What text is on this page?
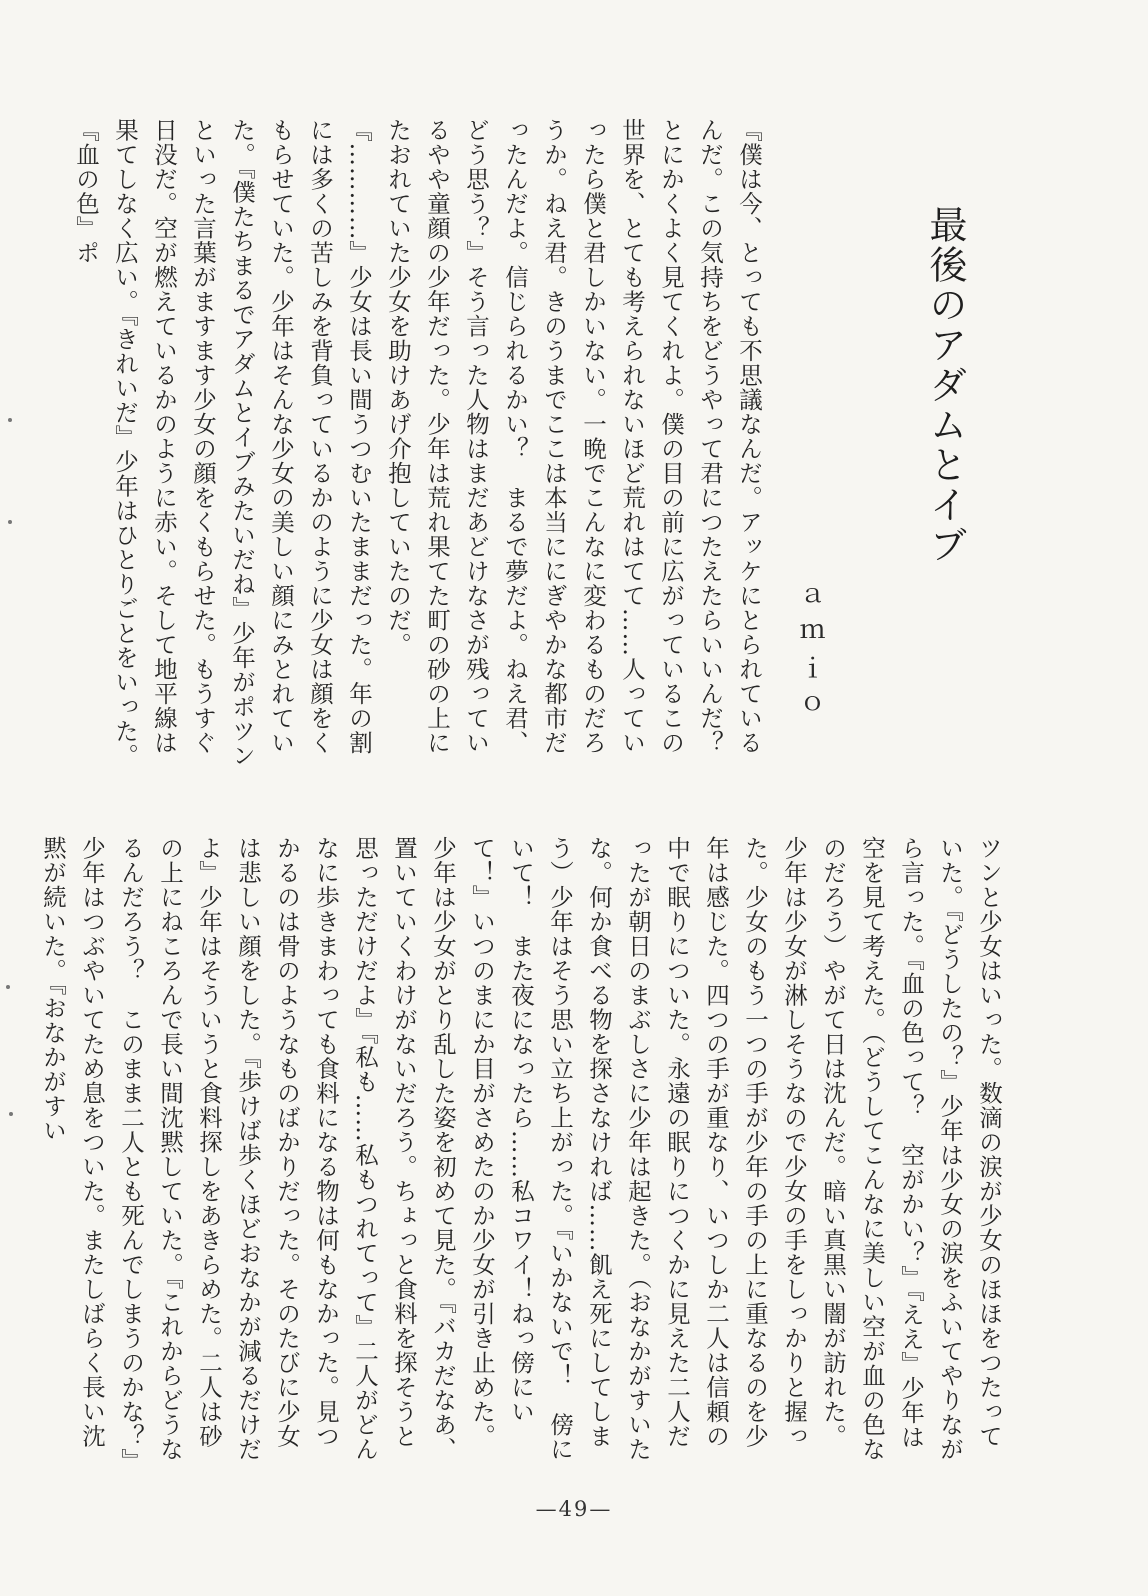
最後のアダムとイブ
ａｍｉｏ

『僕は今、とっても不思議なんだ。アッケにとられているんだ。この気持ちをどうやって君につたえたらいいんだ？　とにかくよく見てくれよ。僕の目の前に広がっているこの世界を、とても考えられないほど荒れはてて……人っていったら僕と君しかいない。一晩でこんなに変わるものだろうか。ねえ君。きのうまでここは本当ににぎやかな都市だったんだよ。信じられるかい？　まるで夢だよ。ねえ君、どう思う？』そう言った人物はまだあどけなさが残っているやや童顔の少年だった。少年は荒れ果てた町の砂の上にたおれていた少女を助けあげ介抱していたのだ。『…………』少女は長い間うつむいたままだった。年の割には多くの苦しみを背負っているかのように少女は顔をくもらせていた。少年はそんな少女の美しい顔にみとれていた。『僕たちまるでアダムとイブみたいだね』少年がポツンといった言葉がますます少女の顔をくもらせた。もうすぐ日没だ。空が燃えているかのように赤い。そして地平線は果てしなく広い。『きれいだ』少年はひとりごとをいった。『血の色』ポ

ツンと少女はいった。数滴の涙が少女のほほをつたっていた。『どうしたの？』少年は少女の涙をふいてやりながら言った。『血の色って？　空がかい？』『ええ』少年は空を見て考えた。（どうしてこんなに美しい空が血の色なのだろう）やがて日は沈んだ。暗い真黒い闇が訪れた。少年は少女が淋しそうなので少女の手をしっかりと握った。少女のもう一つの手が少年の手の上に重なるのを少年は感じた。四つの手が重なり、いつしか二人は信頼の中で眠りについた。永遠の眠りにつくかに見えた二人だったが朝日のまぶしさに少年は起きた。（おなかがすいたな。何か食べる物を探さなければ……飢え死にしてしまう）少年はそう思い立ち上がった。『いかないで！　傍にいて！　また夜になったら……私コワイ！ねっ傍にいて！』いつのまにか目がさめたのか少女が引き止めた。少年は少女がとり乱した姿を初めて見た。『バカだなあ、置いていくわけがないだろう。ちょっと食料を探そうと思っただけだよ』『私も……私もつれてって』二人がどんなに歩きまわっても食料になる物は何もなかった。見つかるのは骨のようなものばかりだった。そのたびに少女は悲しい顔をした。『歩けば歩くほどおなかが減るだけだよ』少年はそういうと食料探しをあきらめた。二人は砂の上にねころんで長い間沈黙していた。『これからどうなるんだろう？　このまま二人とも死んでしまうのかな？』少年はつぶやいてため息をついた。またしばらく長い沈黙が続いた。『おなかがすい

—49—
